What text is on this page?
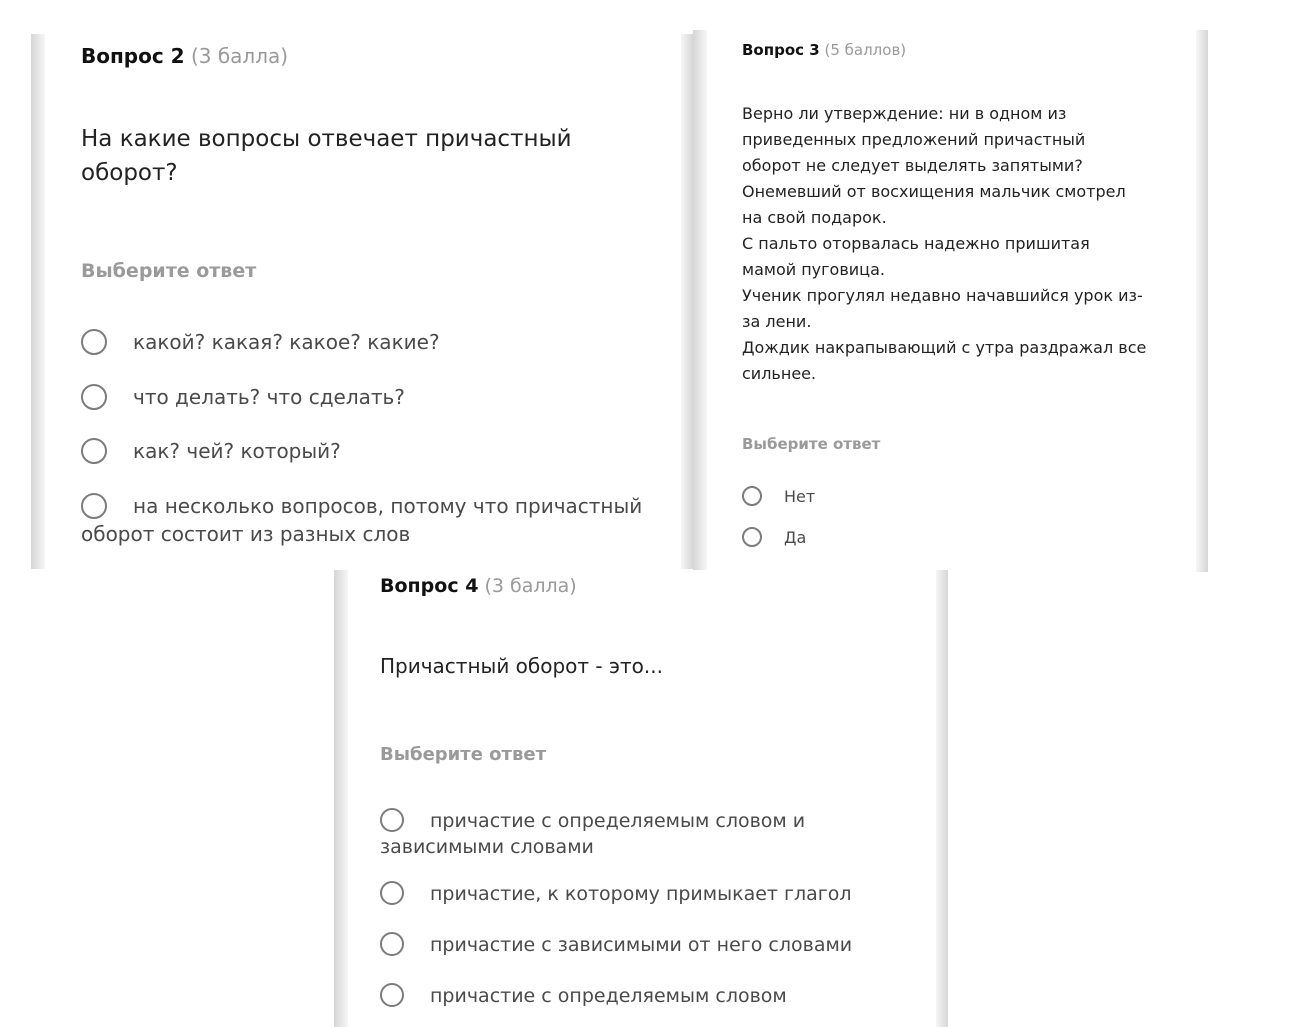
Вопрос 2 (3 балла)
На какие вопросы отвечает причастный оборот?
Выберите ответ
какой? какая? какое? какие?
что делать? что сделать?
как? чей? который?
на несколько вопросов, потому что причастный оборот состоит из разных слов
Вопрос 3 (5 баллов)
Верно ли утверждение: ни в одном из
приведенных предложений причастный
оборот не следует выделять запятыми?
Онемевший от восхищения мальчик смотрел
на свой подарок.
С пальто оторвалась надежно пришитая
мамой пуговица.
Ученик прогулял недавно начавшийся урок из-
за лени.
Дождик накрапывающий с утра раздражал все
сильнее.
Выберите ответ
Нет
Да
Вопрос 4 (3 балла)
Причастный оборот - это...
Выберите ответ
причастие с определяемым словом и зависимыми словами
причастие, к которому примыкает глагол
причастие с зависимыми от него словами
причастие с определяемым словом
